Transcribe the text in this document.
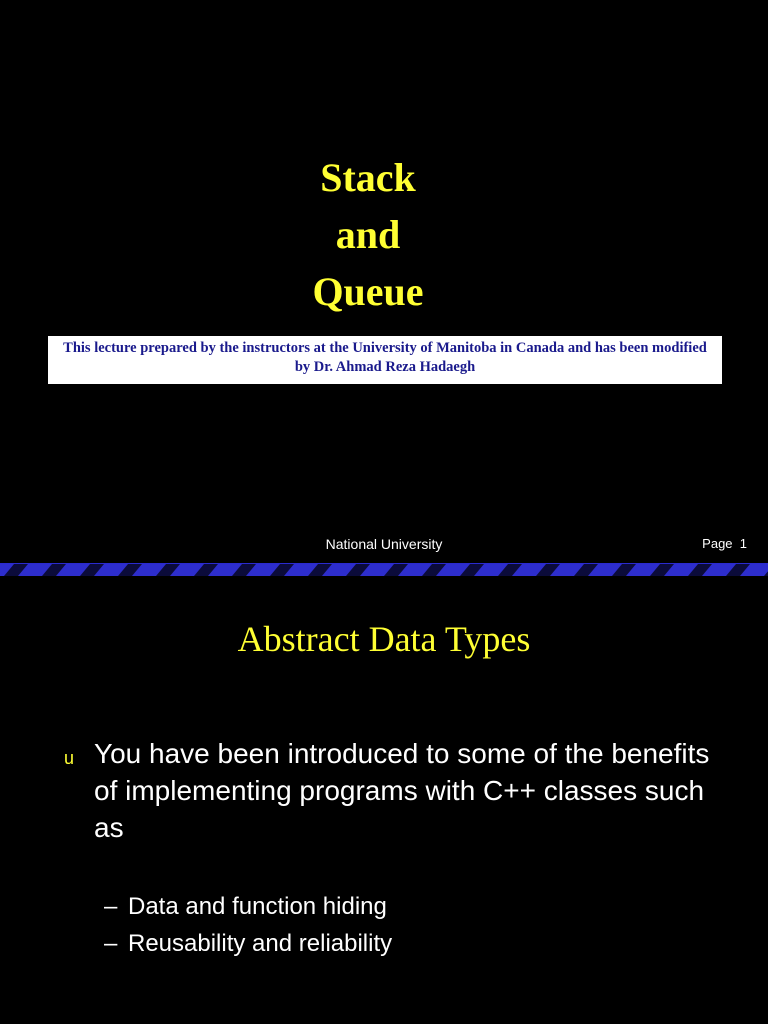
Stack
and
Queue
This lecture prepared by the instructors at the University of Manitoba in Canada and has been modified by Dr. Ahmad Reza Hadaegh
National University	Page  1
Abstract Data Types
u You have been introduced to some of the benefits of implementing programs with C++ classes such as
– Data and function hiding
– Reusability and reliability
